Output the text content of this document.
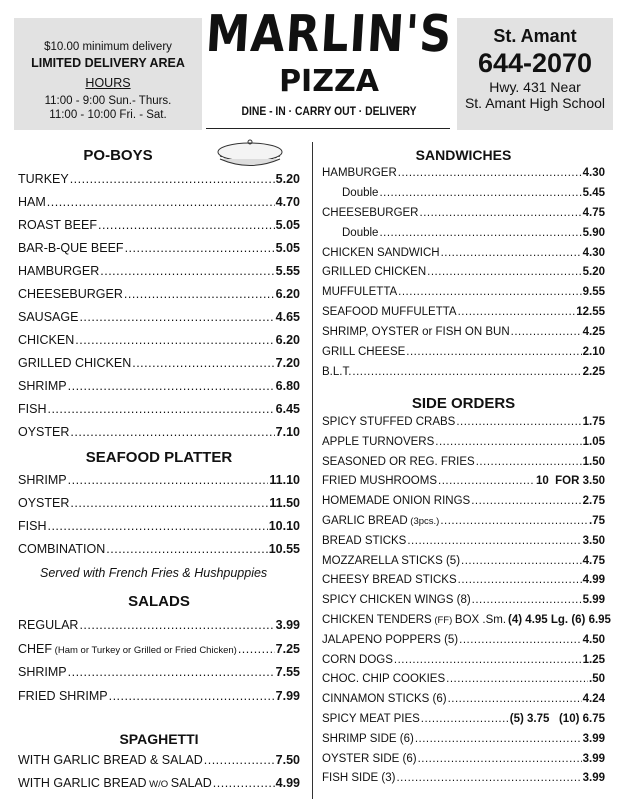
$10.00 minimum delivery
LIMITED DELIVERY AREA
HOURS
11:00 - 9:00 Sun.- Thurs.
11:00 - 10:00 Fri. - Sat.
MARLIN'S
PIZZA
DINE - IN · CARRY OUT · DELIVERY
St. Amant
644-2070
Hwy. 431 Near
St. Amant High School
PO-BOYS
SEAFOOD PLATTER
Served with French Fries & Hushpuppies
SALADS
SPAGHETTI
SANDWICHES
SIDE ORDERS
TURKEY .....	5.20
HAM .....	4.70
ROAST BEEF .....	5.05
BAR-B-QUE BEEF .....	5.05
HAMBURGER .....	5.55
CHEESEBURGER .....	6.20
SAUSAGE .....	4.65
CHICKEN .....	6.20
GRILLED CHICKEN .....	7.20
SHRIMP .....	6.80
FISH .....	6.45
OYSTER .....	7.10
SHRIMP .....	11.10
OYSTER .....	11.50
FISH .....	10.10
COMBINATION .....	10.55
REGULAR .....	3.99
CHEF (Ham or Turkey or Grilled or Fried Chicken) .....	7.25
SHRIMP .....	7.55
FRIED SHRIMP .....	7.99
WITH GARLIC BREAD & SALAD .....	7.50
WITH GARLIC BREAD W/O SALAD .....	4.99
HAMBURGER .....	4.30
Double .....	5.45
CHEESEBURGER .....	4.75
Double .....	5.90
CHICKEN SANDWICH .....	4.30
GRILLED CHICKEN .....	5.20
MUFFULETTA .....	9.55
SEAFOOD MUFFULETTA .....	12.55
SHRIMP, OYSTER or FISH ON BUN .....	4.25
GRILL CHEESE .....	2.10
B.L.T. .....	2.25
SPICY STUFFED CRABS .....	1.75
APPLE TURNOVERS .....	1.05
SEASONED OR REG. FRIES .....	1.50
FRIED MUSHROOMS .....	10  FOR 3.50
HOMEMADE ONION RINGS .....	2.75
GARLIC BREAD (3pcs.) .....	.75
BREAD STICKS .....	3.50
MOZZARELLA STICKS (5) .....	4.75
CHEESY BREAD STICKS .....	4.99
SPICY CHICKEN WINGS (8) .....	5.99
CHICKEN TENDERS (FF) BOX .Sm. (4) 4.95 Lg. (6) 6.95
JALAPENO POPPERS (5) .....	4.50
CORN DOGS .....	1.25
CHOC. CHIP COOKIES .....	.50
CINNAMON STICKS (6) .....	4.24
SPICY MEAT PIES .....	(5) 3.75   (10) 6.75
SHRIMP SIDE (6) .....	3.99
OYSTER SIDE (6) .....	3.99
FISH SIDE (3) .....	3.99
